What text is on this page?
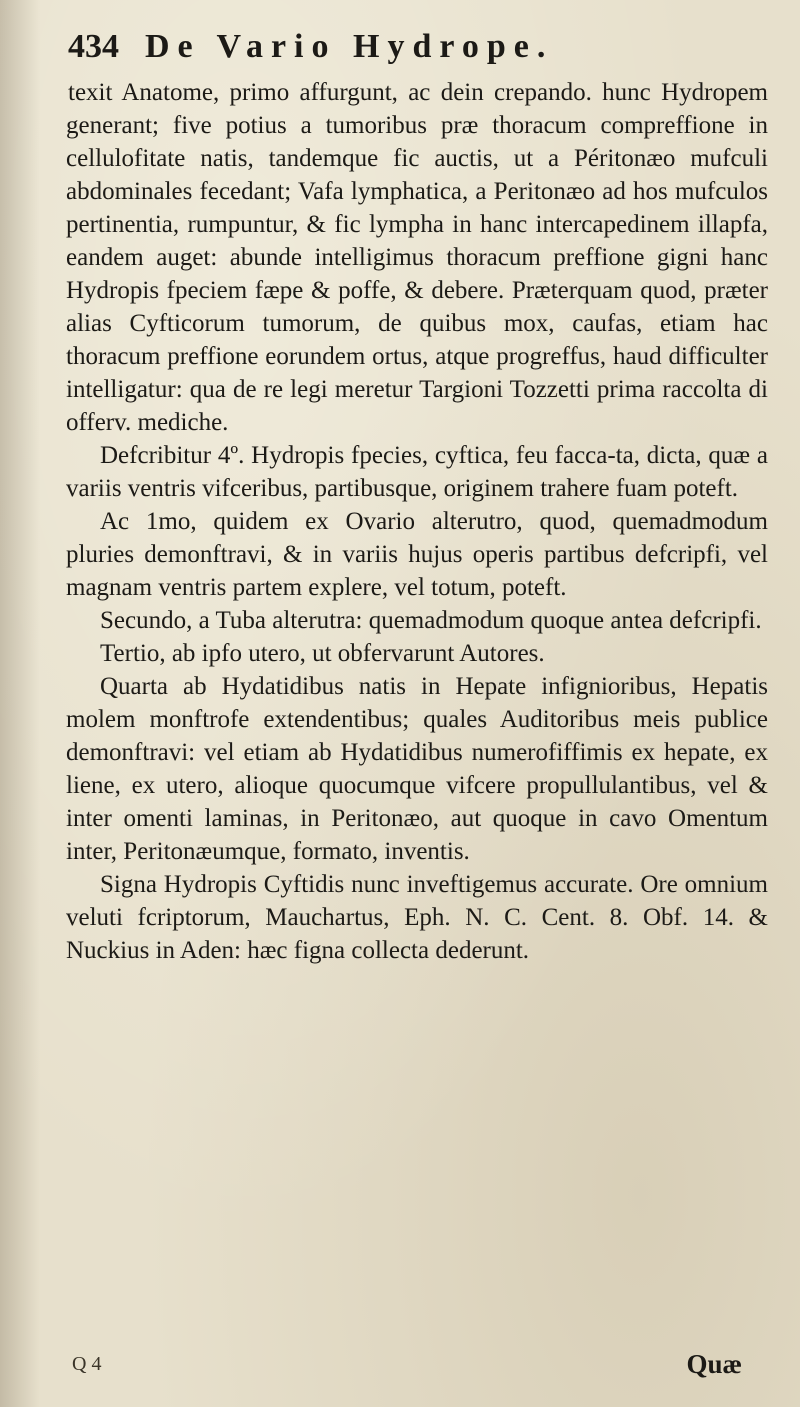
434 De Vario Hydrope.

texit Anatome, primo affurgunt, ac dein crepando. hunc Hydropem generant; five potius a tumoribus præ thoracum compreffione in cellulofitate natis, tandemque fic auctis, ut a Péritonæo mufculi abdominales fecedant; Vafa lymphatica, a Peritonæo ad hos mufculos pertinentia, rumpuntur, & fic lympha in hanc intercapedinem illapfa, eandem auget: abunde intelligimus thoracum preffione gigni hanc Hydropis fpeciem fæpe & poffe, & debere. Præterquam quod, præter alias Cyfticorum tumorum, de quibus mox, caufas, etiam hac thoracum preffione eorundem ortus, atque progreffus, haud difficulter intelligatur: qua de re legi meretur Targioni Tozzetti prima raccolta di offerv. mediche.

Defcribitur 4º. Hydropis fpecies, cyftica, feu facca-ta, dicta, quæ a variis ventris vifceribus, partibusque, originem trahere fuam poteft.

Ac 1mo, quidem ex Ovario alterutro, quod, quemadmodum pluries demonftravi, & in variis hujus operis partibus defcripfi, vel magnam ventris partem explere, vel totum, poteft.

Secundo, a Tuba alterutra: quemadmodum quoque antea defcripfi.

Tertio, ab ipfo utero, ut obfervarunt Autores.

Quarta ab Hydatidibus natis in Hepate infignioribus, Hepatis molem monftrofe extendentibus; quales Auditoribus meis publice demonftravi: vel etiam ab Hydatidibus numerofiffimis ex hepate, ex liene, ex utero, alioque quocumque vifcere propullulantibus, vel & inter omenti laminas, in Peritonæo, aut quoque in cavo Omentum inter, Peritonæumque, formato, inventis.

Signa Hydropis Cyftidis nunc inveftigemus accurate. Ore omnium veluti fcriptorum, Mauchartus, Eph. N. C. Cent. 8. Obf. 14. & Nuckius in Aden: hæc figna collecta dederunt.

Q 4	Quæ
